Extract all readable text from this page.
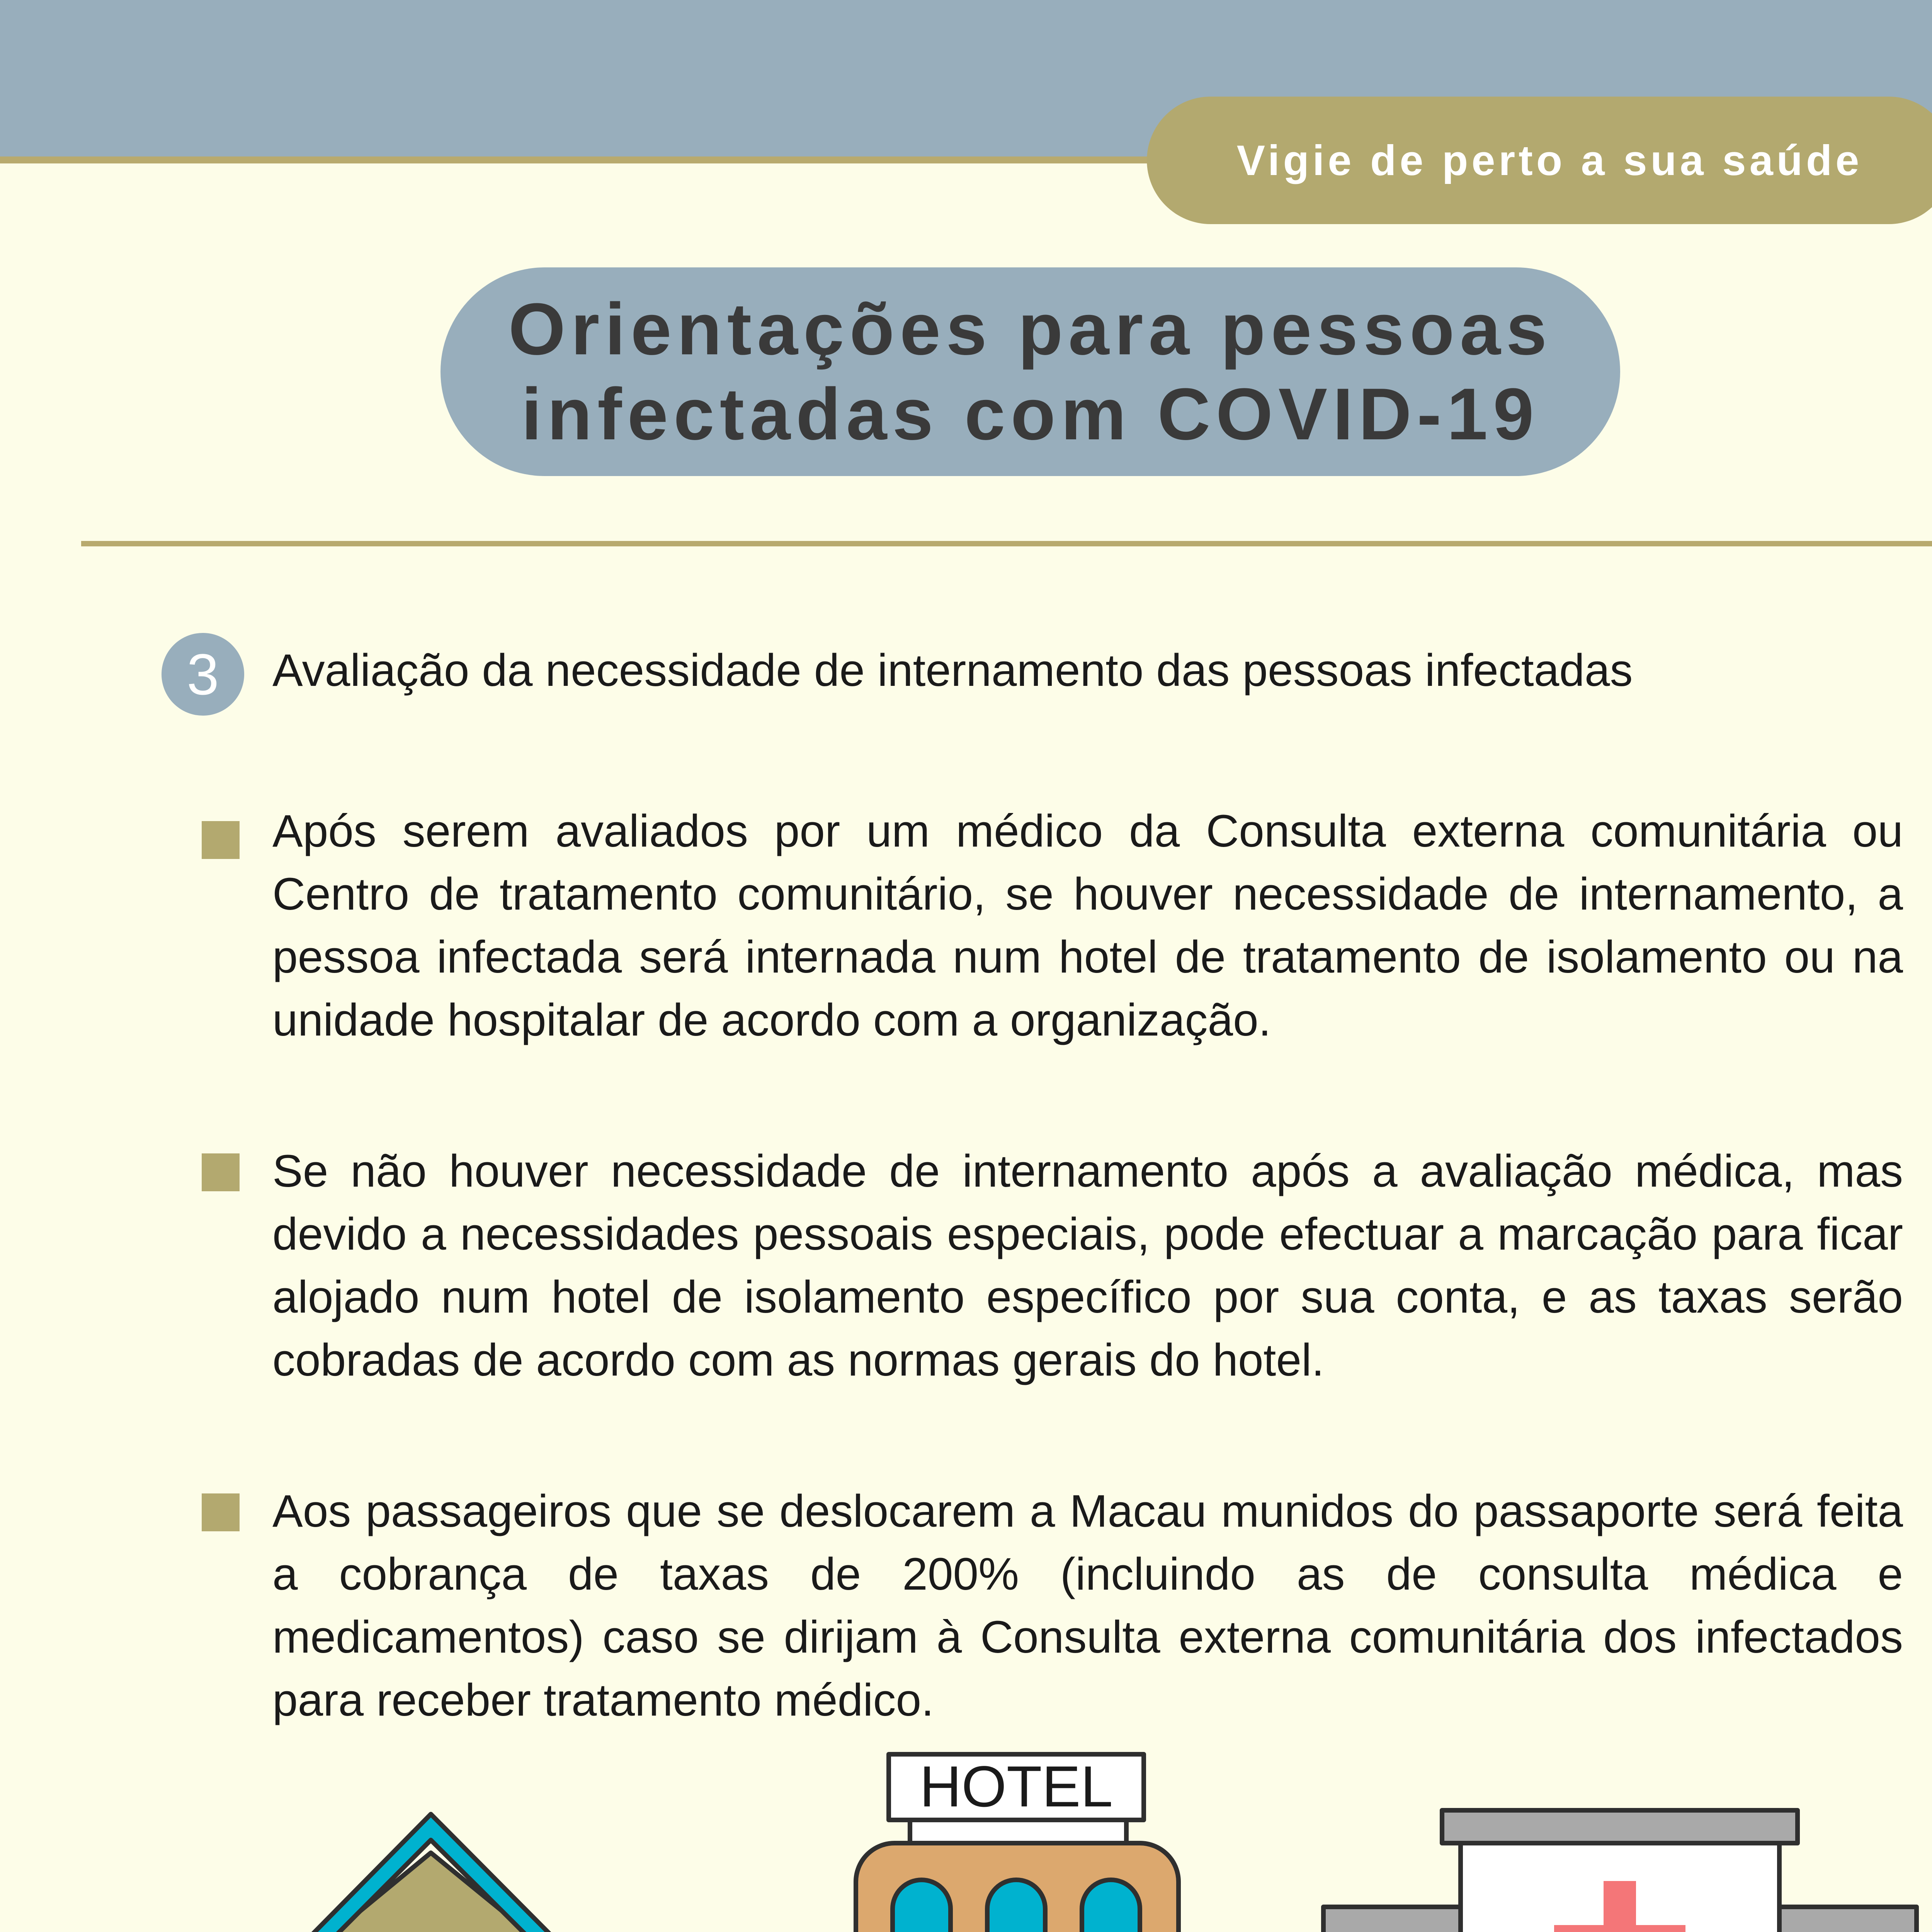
Vigie de perto a sua saúde
Orientações para pessoas
infectadas com COVID-19
3 Avaliação da necessidade de internamento das pessoas infectadas
Após serem avaliados por um médico da Consulta externa comunitária ou Centro de tratamento comunitário, se houver necessidade de internamento, a pessoa infectada será internada num hotel de tratamento de isolamento ou na unidade hospitalar de acordo com a organização.
Se não houver necessidade de internamento após a avaliação médica, mas devido a necessidades pessoais especiais, pode efectuar a marcação para ficar alojado num hotel de isolamento específico por sua conta, e as taxas serão cobradas de acordo com as normas gerais do hotel.
Aos passageiros que se deslocarem a Macau munidos do passaporte será feita a cobrança de taxas de 200% (incluindo as de consulta médica e medicamentos) caso se dirijam à Consulta externa comunitária dos infectados para receber tratamento médico.
HOTEL
